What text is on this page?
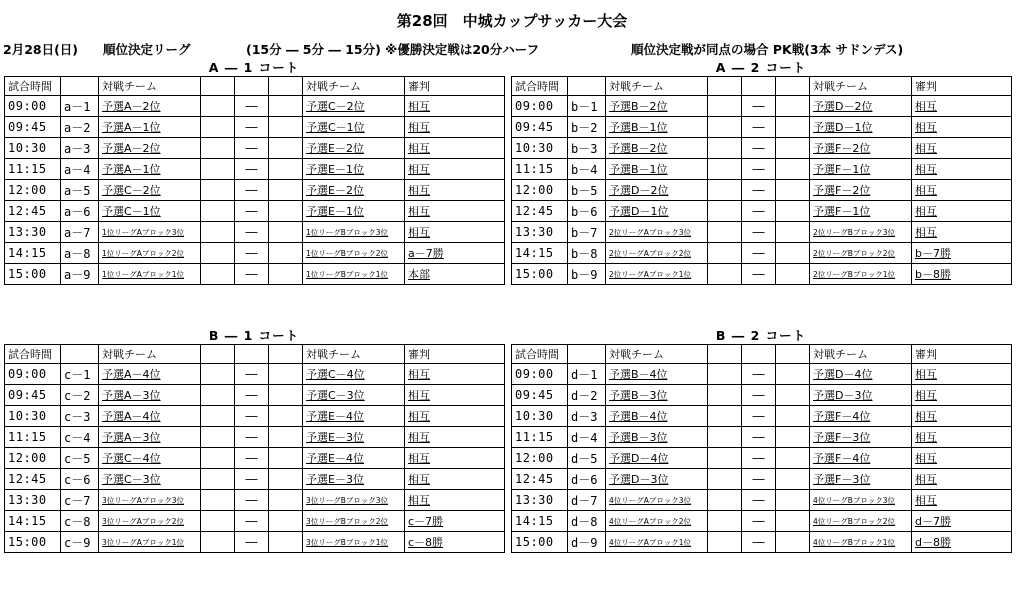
第28回　中城カップサッカー大会
2月28日(日) 順位決定リーグ	(15分 ― 5分 ― 15分) ※優勝決定戦は20分ハーフ	順位決定戦が同点の場合 PK戦(3本 サドンデス)
A ― 1 コート
試合時間		対戦チーム				対戦チーム	審判
09:00	a－1	予選A－2位		―		予選C－2位	相互
09:45	a－2	予選A－1位		―		予選C－1位	相互
10:30	a－3	予選A－2位		―		予選E－2位	相互
11:15	a－4	予選A－1位		―		予選E－1位	相互
12:00	a－5	予選C－2位		―		予選E－2位	相互
12:45	a－6	予選C－1位		―		予選E－1位	相互
13:30	a－7	1位リーグAブロック3位		―		1位リーグBブロック3位	相互
14:15	a－8	1位リーグAブロック2位		―		1位リーグBブロック2位	a－7勝
15:00	a－9	1位リーグAブロック1位		―		1位リーグBブロック1位	本部
A ― 2 コート
試合時間		対戦チーム				対戦チーム	審判
09:00	b－1	予選B－2位		―		予選D－2位	相互
09:45	b－2	予選B－1位		―		予選D－1位	相互
10:30	b－3	予選B－2位		―		予選F－2位	相互
11:15	b－4	予選B－1位		―		予選F－1位	相互
12:00	b－5	予選D－2位		―		予選F－2位	相互
12:45	b－6	予選D－1位		―		予選F－1位	相互
13:30	b－7	2位リーグAブロック3位		―		2位リーグBブロック3位	相互
14:15	b－8	2位リーグAブロック2位		―		2位リーグBブロック2位	b－7勝
15:00	b－9	2位リーグAブロック1位		―		2位リーグBブロック1位	b－8勝
B ― 1 コート
試合時間		対戦チーム				対戦チーム	審判
09:00	c－1	予選A－4位		―		予選C－4位	相互
09:45	c－2	予選A－3位		―		予選C－3位	相互
10:30	c－3	予選A－4位		―		予選E－4位	相互
11:15	c－4	予選A－3位		―		予選E－3位	相互
12:00	c－5	予選C－4位		―		予選E－4位	相互
12:45	c－6	予選C－3位		―		予選E－3位	相互
13:30	c－7	3位リーグAブロック3位		―		3位リーグBブロック3位	相互
14:15	c－8	3位リーグAブロック2位		―		3位リーグBブロック2位	c－7勝
15:00	c－9	3位リーグAブロック1位		―		3位リーグBブロック1位	c－8勝
B ― 2 コート
試合時間		対戦チーム				対戦チーム	審判
09:00	d－1	予選B－4位		―		予選D－4位	相互
09:45	d－2	予選B－3位		―		予選D－3位	相互
10:30	d－3	予選B－4位		―		予選F－4位	相互
11:15	d－4	予選B－3位		―		予選F－3位	相互
12:00	d－5	予選D－4位		―		予選F－4位	相互
12:45	d－6	予選D－3位		―		予選F－3位	相互
13:30	d－7	4位リーグAブロック3位		―		4位リーグBブロック3位	相互
14:15	d－8	4位リーグAブロック2位		―		4位リーグBブロック2位	d－7勝
15:00	d－9	4位リーグAブロック1位		―		4位リーグBブロック1位	d－8勝
